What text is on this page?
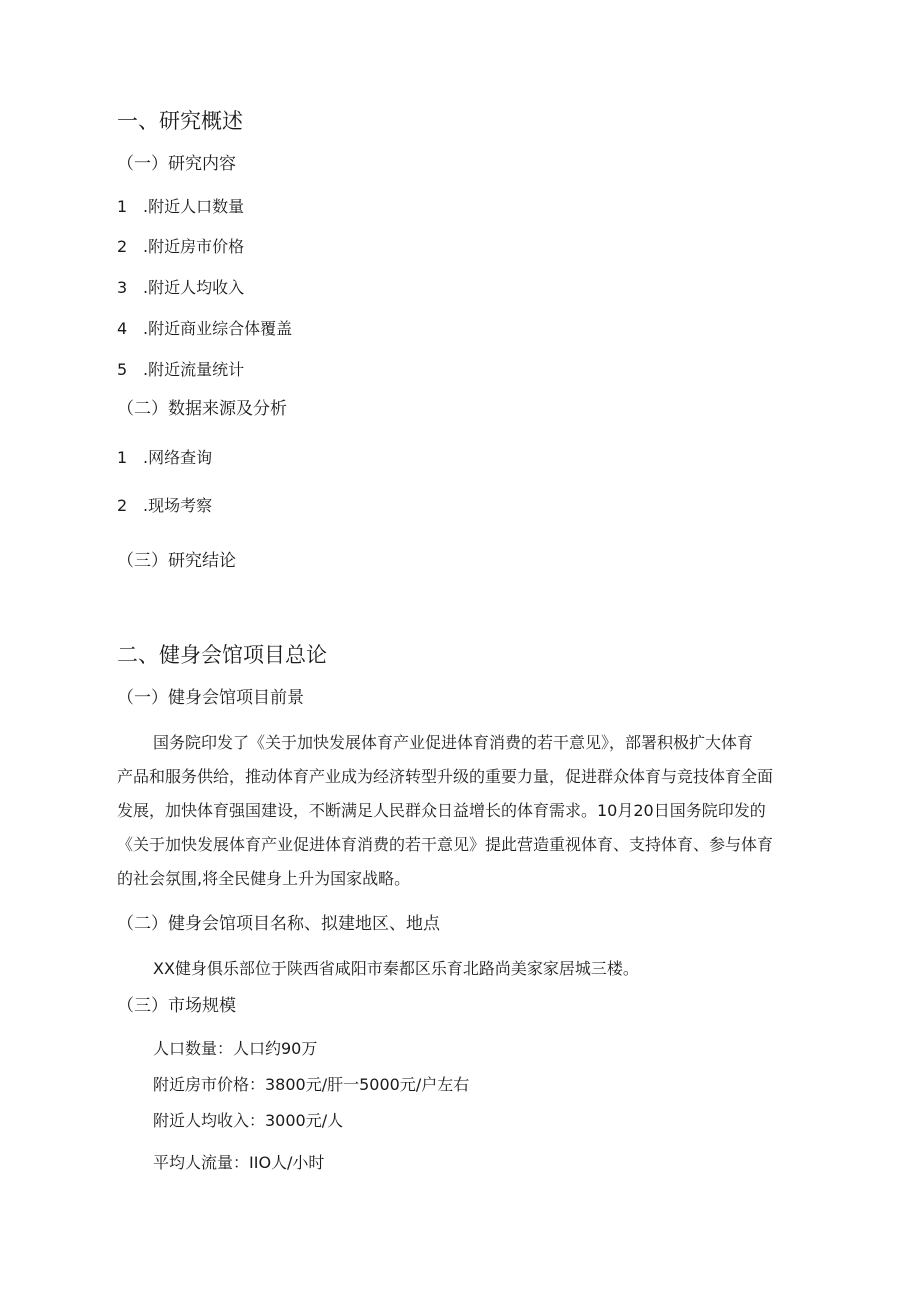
一、研究概述
（一）研究内容
1 .附近人口数量
2 .附近房市价格
3 .附近人均收入
4 .附近商业综合体覆盖
5 .附近流量统计
（二）数据来源及分析
1 .网络查询
2 .现场考察
（三）研究结论
二、健身会馆项目总论
（一）健身会馆项目前景
国务院印发了《关于加快发展体育产业促进体育消费的若干意见》，部署积极扩大体育
产品和服务供给，推动体育产业成为经济转型升级的重要力量，促进群众体育与竞技体育全面
发展，加快体育强国建设，不断满足人民群众日益增长的体育需求。10月20日国务院印发的
《关于加快发展体育产业促进体育消费的若干意见》提此营造重视体育、支持体育、参与体育
的社会氛围,将全民健身上升为国家战略。
（二）健身会馆项目名称、拟建地区、地点
XX健身俱乐部位于陕西省咸阳市秦都区乐育北路尚美家家居城三楼。
（三）市场规模
人口数量：人口约90万
附近房市价格：3800元/肝一5000元/户左右
附近人均收入：3000元/人
平均人流量：IIO人/小时
